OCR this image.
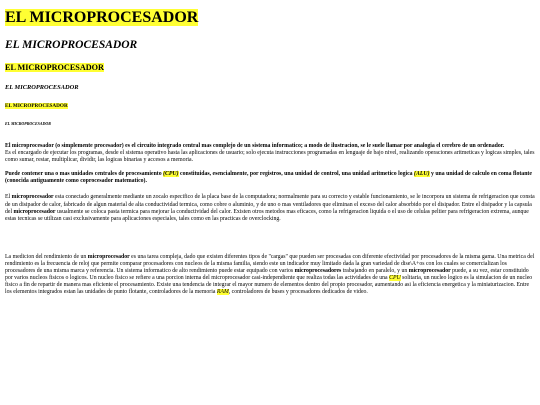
EL MICROPROCESADOR
EL MICROPROCESADOR
EL MICROPROCESADOR
EL MICROPROCESADOR
EL MICROPROCESADOR
EL MICROPROCESADOR

El microprocesador (o simplemente procesador) es el circuito integrado central mas complejo de un sistema informatico; a modo de ilustracion, se le suele llamar por analogia el cerebro de un ordenador.
Es el encargado de ejecutar los programas, desde el sistema operativo hasta las aplicaciones de usuario; solo ejecuta instrucciones programadas en lenguaje de bajo nivel, realizando operaciones aritmeticas y logicas simples, tales como sumar, restar, multiplicar, dividir, las logicas binarias y accesos a memoria.

Puede contener una o mas unidades centrales de procesamiento (CPU) constituidas, esencialmente, por registros, una unidad de control, una unidad aritmetico logica (ALU) y una unidad de calculo en coma flotante (conocida antiguamente como coprocesador matematico).

El microprocesador esta conectado generalmente mediante un zocalo especifico de la placa base de la computadora; normalmente para su correcto y estable funcionamiento, se le incorpora un sistema de refrigeracion que consta de un disipador de calor, fabricado de algun material de alta conductividad termica, como cobre o aluminio, y de uno o mas ventiladores que eliminan el exceso del calor absorbido por el disipador. Entre el disipador y la capsula del microprocesador usualmente se coloca pasta termica para mejorar la conductividad del calor. Existen otros metodos mas eficaces, como la refrigeracion liquida o el uso de celulas peltier para refrigeracion extrema, aunque estas tecnicas se utilizan casi exclusivamente para aplicaciones especiales, tales como en las practicas de overclocking.

La medicion del rendimiento de un microprocesador es una tarea compleja, dado que existen diferentes tipos de "cargas" que pueden ser procesadas con diferente efectividad por procesadores de la misma gama. Una metrica del rendimiento es la frecuencia de reloj que permite comparar procesadores con nucleos de la misma familia, siendo este un indicador muy limitado dada la gran variedad de dise\A+os con los cuales se comercializan los procesadores de una misma marca y referencia. Un sistema informatico de alto rendimiento puede estar equipado con varios microprocesadores trabajando en paralelo, y un microprocesador puede, a su vez, estar constituido por varios nucleos fisicos o logicos. Un nucleo fisico se refiere a una porcion interna del microprocesador casi-independiente que realiza todas las actividades de una CPU solitaria, un nucleo logico es la simulacion de un nucleo fisico a fin de repartir de manera mas eficiente el procesamiento. Existe una tendencia de integrar el mayor numero de elementos dentro del propio procesador, aumentando asi la eficiencia energetica y la miniaturizacion. Entre los elementos integrados estan las unidades de punto flotante, controladores de la memoria RAM, controladores de buses y procesadores dedicados de video.
